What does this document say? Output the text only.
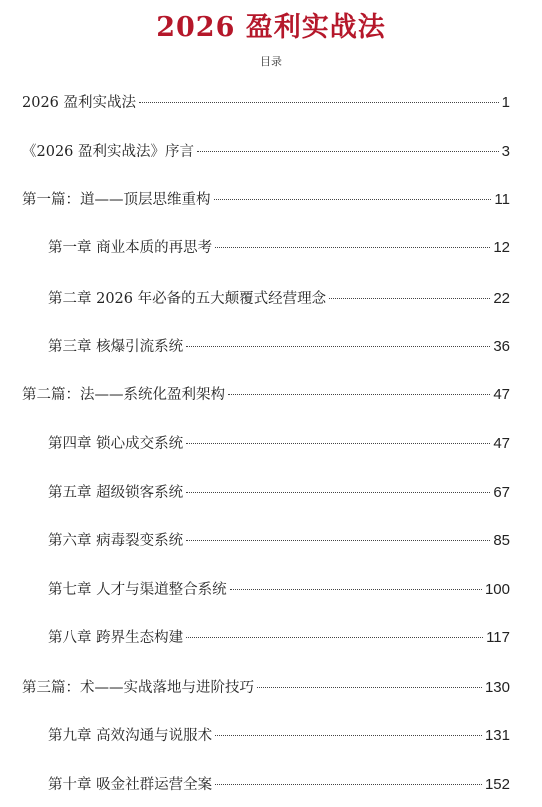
2026 盈利实战法
目录
2026 盈利实战法	1
《2026 盈利实战法》序言	3
第一篇：道——顶层思维重构	11
第一章 商业本质的再思考	12
第二章 2026 年必备的五大颠覆式经营理念	22
第三章 核爆引流系统	36
第二篇：法——系统化盈利架构	47
第四章 锁心成交系统	47
第五章 超级锁客系统	67
第六章 病毒裂变系统	85
第七章 人才与渠道整合系统	100
第八章 跨界生态构建	117
第三篇：术——实战落地与进阶技巧	130
第九章 高效沟通与说服术	131
第十章 吸金社群运营全案	152
